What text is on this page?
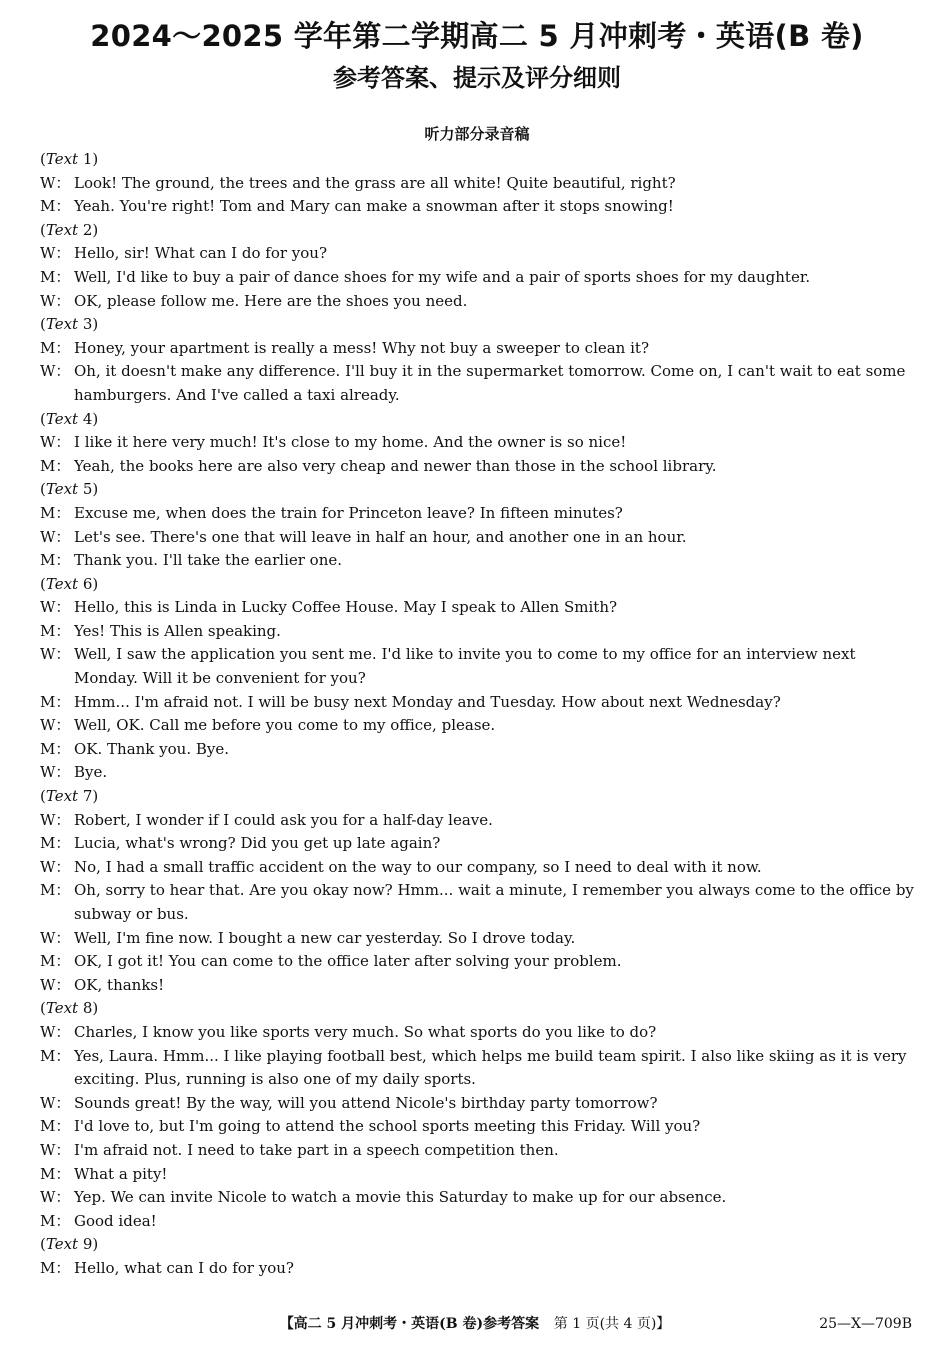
2024～2025 学年第二学期高二 5 月冲刺考・英语(B 卷)
参考答案、提示及评分细则
听力部分录音稿
(Text 1)
W： Look! The ground, the trees and the grass are all white! Quite beautiful, right?
M： Yeah. You're right! Tom and Mary can make a snowman after it stops snowing!
(Text 2)
W： Hello, sir! What can I do for you?
M： Well, I'd like to buy a pair of dance shoes for my wife and a pair of sports shoes for my daughter.
W： OK, please follow me. Here are the shoes you need.
(Text 3)
M： Honey, your apartment is really a mess! Why not buy a sweeper to clean it?
W： Oh, it doesn't make any difference. I'll buy it in the supermarket tomorrow. Come on, I can't wait to eat some hamburgers. And I've called a taxi already.
(Text 4)
W： I like it here very much! It's close to my home. And the owner is so nice!
M： Yeah, the books here are also very cheap and newer than those in the school library.
(Text 5)
M： Excuse me, when does the train for Princeton leave? In fifteen minutes?
W： Let's see. There's one that will leave in half an hour, and another one in an hour.
M： Thank you. I'll take the earlier one.
(Text 6)
W： Hello, this is Linda in Lucky Coffee House. May I speak to Allen Smith?
M： Yes! This is Allen speaking.
W： Well, I saw the application you sent me. I'd like to invite you to come to my office for an interview next Monday. Will it be convenient for you?
M： Hmm... I'm afraid not. I will be busy next Monday and Tuesday. How about next Wednesday?
W： Well, OK. Call me before you come to my office, please.
M： OK. Thank you. Bye.
W： Bye.
(Text 7)
W： Robert, I wonder if I could ask you for a half-day leave.
M： Lucia, what's wrong? Did you get up late again?
W： No, I had a small traffic accident on the way to our company, so I need to deal with it now.
M： Oh, sorry to hear that. Are you okay now? Hmm... wait a minute, I remember you always come to the office by subway or bus.
W： Well, I'm fine now. I bought a new car yesterday. So I drove today.
M： OK, I got it! You can come to the office later after solving your problem.
W： OK, thanks!
(Text 8)
W： Charles, I know you like sports very much. So what sports do you like to do?
M： Yes, Laura. Hmm... I like playing football best, which helps me build team spirit. I also like skiing as it is very exciting. Plus, running is also one of my daily sports.
W： Sounds great! By the way, will you attend Nicole's birthday party tomorrow?
M： I'd love to, but I'm going to attend the school sports meeting this Friday. Will you?
W： I'm afraid not. I need to take part in a speech competition then.
M： What a pity!
W： Yep. We can invite Nicole to watch a movie this Saturday to make up for our absence.
M： Good idea!
(Text 9)
M： Hello, what can I do for you?
【高二 5 月冲刺考・英语(B 卷)参考答案 第 1 页(共 4 页)】	25—X—709B
